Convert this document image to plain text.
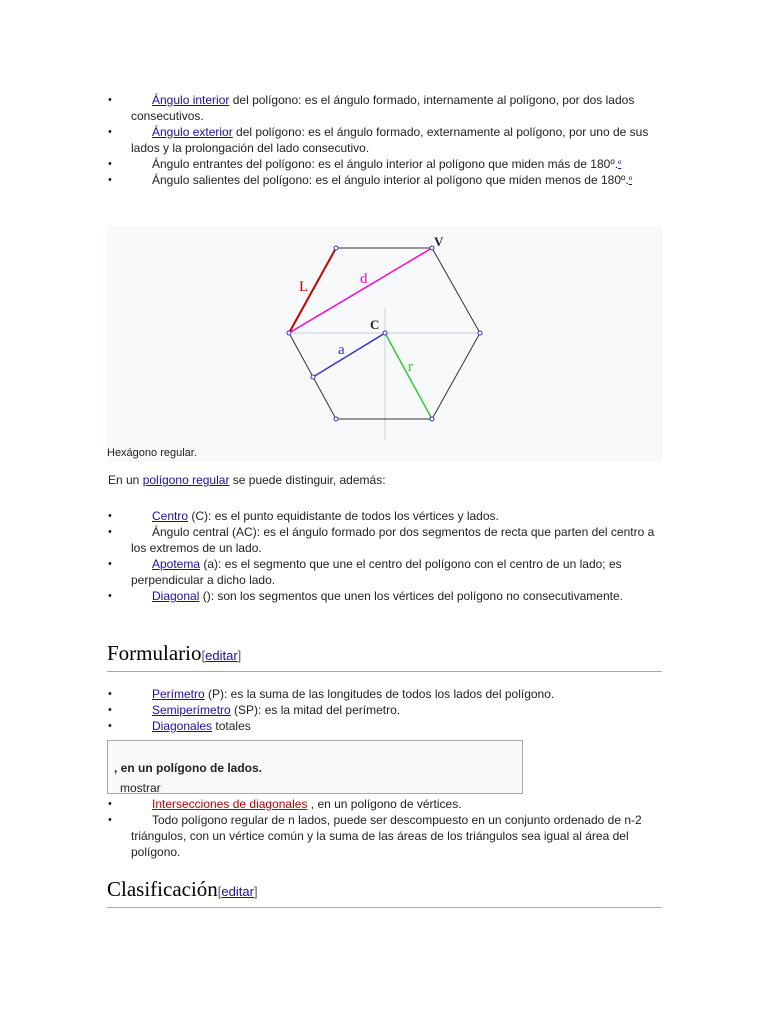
•	Ángulo interior del polígono: es el ángulo formado, internamente al polígono, por dos lados consecutivos.
•	Ángulo exterior del polígono: es el ángulo formado, externamente al polígono, por uno de sus lados y la prolongación del lado consecutivo.
•	Ángulo entrantes del polígono: es el ángulo interior al polígono que miden más de 180º.$^º$
•	Ángulo salientes del polígono: es el ángulo interior al polígono que miden menos de 180º.$^º$
V
L	d
C
a
r
Hexágono regular.
En un polígono regular se puede distinguir, además:
•	Centro (C): es el punto equidistante de todos los vértices y lados.
•	Ángulo central (AC): es el ángulo formado por dos segmentos de recta que parten del centro a los extremos de un lado.
•	Apotema (a): es el segmento que une el centro del polígono con el centro de un lado; es perpendicular a dicho lado.
•	Diagonal (): son los segmentos que unen los vértices del polígono no consecutivamente.
Formulario[editar]
•	Perímetro (P): es la suma de las longitudes de todos los lados del polígono.
•	Semiperímetro (SP): es la mitad del perímetro.
•	Diagonales totales
mostrar
, en un polígono de lados.
•	Intersecciones de diagonales , en un polígono de vértices.
•	Todo polígono regular de n lados, puede ser descompuesto en un conjunto ordenado de n-2 triángulos, con un vértice común y la suma de las áreas de los triángulos sea igual al área del polígono.
Clasificación[editar]
